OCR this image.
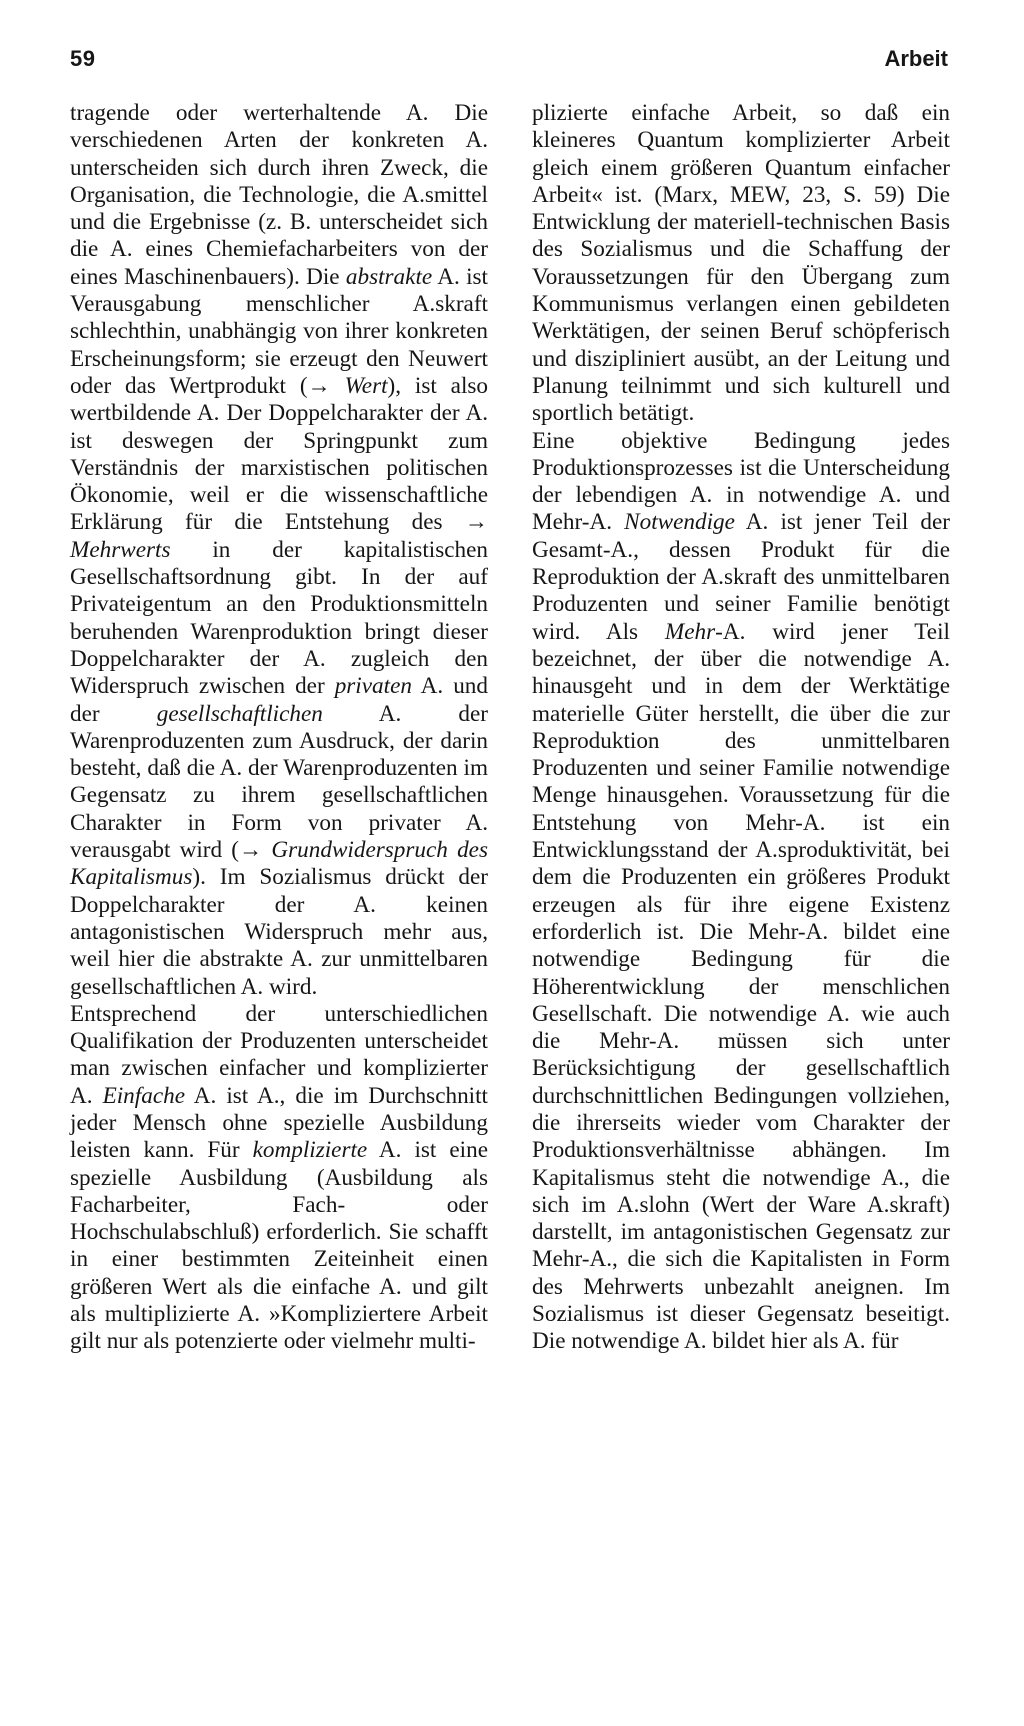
59	Arbeit

tragende oder werterhaltende A. Die verschiedenen Arten der konkreten A. unterscheiden sich durch ihren Zweck, die Organisation, die Technologie, die A.smittel und die Ergebnisse (z. B. unterscheidet sich die A. eines Chemiefacharbeiters von der eines Maschinenbauers). Die abstrakte A. ist Verausgabung menschlicher A.skraft schlechthin, unabhängig von ihrer konkreten Erscheinungsform; sie erzeugt den Neuwert oder das Wertprodukt (→ Wert), ist also wertbildende A. Der Doppelcharakter der A. ist deswegen der Springpunkt zum Verständnis der marxistischen politischen Ökonomie, weil er die wissenschaftliche Erklärung für die Entstehung des → Mehrwerts in der kapitalistischen Gesellschaftsordnung gibt. In der auf Privateigentum an den Produktionsmitteln beruhenden Warenproduktion bringt dieser Doppelcharakter der A. zugleich den Widerspruch zwischen der privaten A. und der gesellschaftlichen A. der Warenproduzenten zum Ausdruck, der darin besteht, daß die A. der Warenproduzenten im Gegensatz zu ihrem gesellschaftlichen Charakter in Form von privater A. verausgabt wird (→ Grundwiderspruch des Kapitalismus). Im Sozialismus drückt der Doppelcharakter der A. keinen antagonistischen Widerspruch mehr aus, weil hier die abstrakte A. zur unmittelbaren gesellschaftlichen A. wird.

Entsprechend der unterschiedlichen Qualifikation der Produzenten unterscheidet man zwischen einfacher und komplizierter A. Einfache A. ist A., die im Durchschnitt jeder Mensch ohne spezielle Ausbildung leisten kann. Für komplizierte A. ist eine spezielle Ausbildung (Ausbildung als Facharbeiter, Fach- oder Hochschulabschluß) erforderlich. Sie schafft in einer bestimmten Zeiteinheit einen größeren Wert als die einfache A. und gilt als multiplizierte A. »Kompliziertere Arbeit gilt nur als potenzierte oder vielmehr multi-

plizierte einfache Arbeit, so daß ein kleineres Quantum komplizierter Arbeit gleich einem größeren Quantum einfacher Arbeit« ist. (Marx, MEW, 23, S. 59) Die Entwicklung der materiell-technischen Basis des Sozialismus und die Schaffung der Voraussetzungen für den Übergang zum Kommunismus verlangen einen gebildeten Werktätigen, der seinen Beruf schöpferisch und diszipliniert ausübt, an der Leitung und Planung teilnimmt und sich kulturell und sportlich betätigt.

Eine objektive Bedingung jedes Produktionsprozesses ist die Unterscheidung der lebendigen A. in notwendige A. und Mehr-A. Notwendige A. ist jener Teil der Gesamt-A., dessen Produkt für die Reproduktion der A.skraft des unmittelbaren Produzenten und seiner Familie benötigt wird. Als Mehr-A. wird jener Teil bezeichnet, der über die notwendige A. hinausgeht und in dem der Werktätige materielle Güter herstellt, die über die zur Reproduktion des unmittelbaren Produzenten und seiner Familie notwendige Menge hinausgehen. Voraussetzung für die Entstehung von Mehr-A. ist ein Entwicklungsstand der A.sproduktivität, bei dem die Produzenten ein größeres Produkt erzeugen als für ihre eigene Existenz erforderlich ist. Die Mehr-A. bildet eine notwendige Bedingung für die Höherentwicklung der menschlichen Gesellschaft. Die notwendige A. wie auch die Mehr-A. müssen sich unter Berücksichtigung der gesellschaftlich durchschnittlichen Bedingungen vollziehen, die ihrerseits wieder vom Charakter der Produktionsverhältnisse abhängen. Im Kapitalismus steht die notwendige A., die sich im A.slohn (Wert der Ware A.skraft) darstellt, im antagonistischen Gegensatz zur Mehr-A., die sich die Kapitalisten in Form des Mehrwerts unbezahlt aneignen. Im Sozialismus ist dieser Gegensatz beseitigt. Die notwendige A. bildet hier als A. für
